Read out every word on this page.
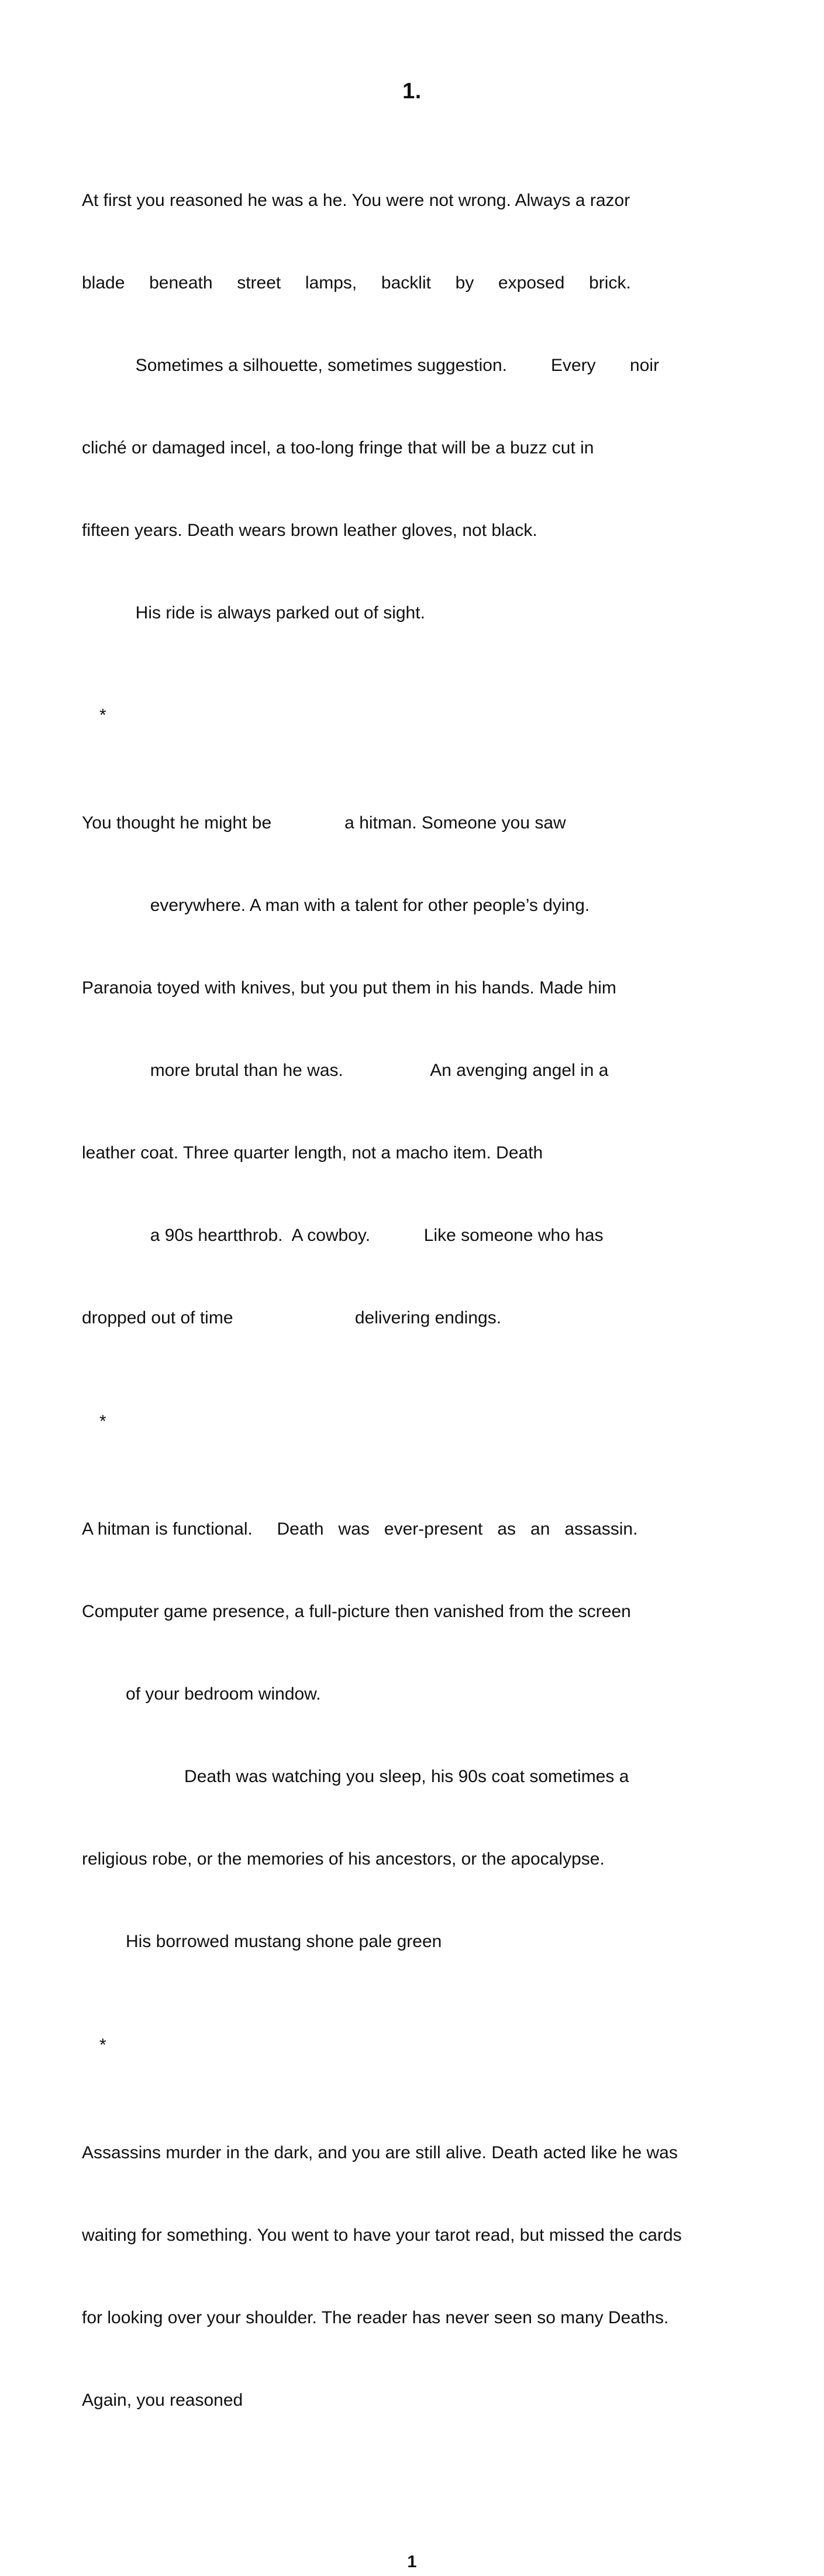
1.

At first you reasoned he was a he. You were not wrong. Always a razor

blade     beneath     street     lamps,     backlit     by     exposed     brick.

Sometimes a silhouette, sometimes suggestion.         Every       noir

cliché or damaged incel, a too-long fringe that will be a buzz cut in

fifteen years. Death wears brown leather gloves, not black.

His ride is always parked out of sight.

*

You thought he might be               a hitman. Someone you saw

everywhere. A man with a talent for other people’s dying.

Paranoia toyed with knives, but you put them in his hands. Made him

more brutal than he was.                  An avenging angel in a

leather coat. Three quarter length, not a macho item. Death

a 90s heartthrob.  A cowboy.           Like someone who has

dropped out of time                         delivering endings.

*

A hitman is functional.     Death   was   ever-present   as   an   assassin.

Computer game presence, a full-picture then vanished from the screen

of your bedroom window.

Death was watching you sleep, his 90s coat sometimes a

religious robe, or the memories of his ancestors, or the apocalypse.

His borrowed mustang shone pale green

*

Assassins murder in the dark, and you are still alive. Death acted like he was

waiting for something. You went to have your tarot read, but missed the cards

for looking over your shoulder. The reader has never seen so many Deaths.

Again, you reasoned

1
